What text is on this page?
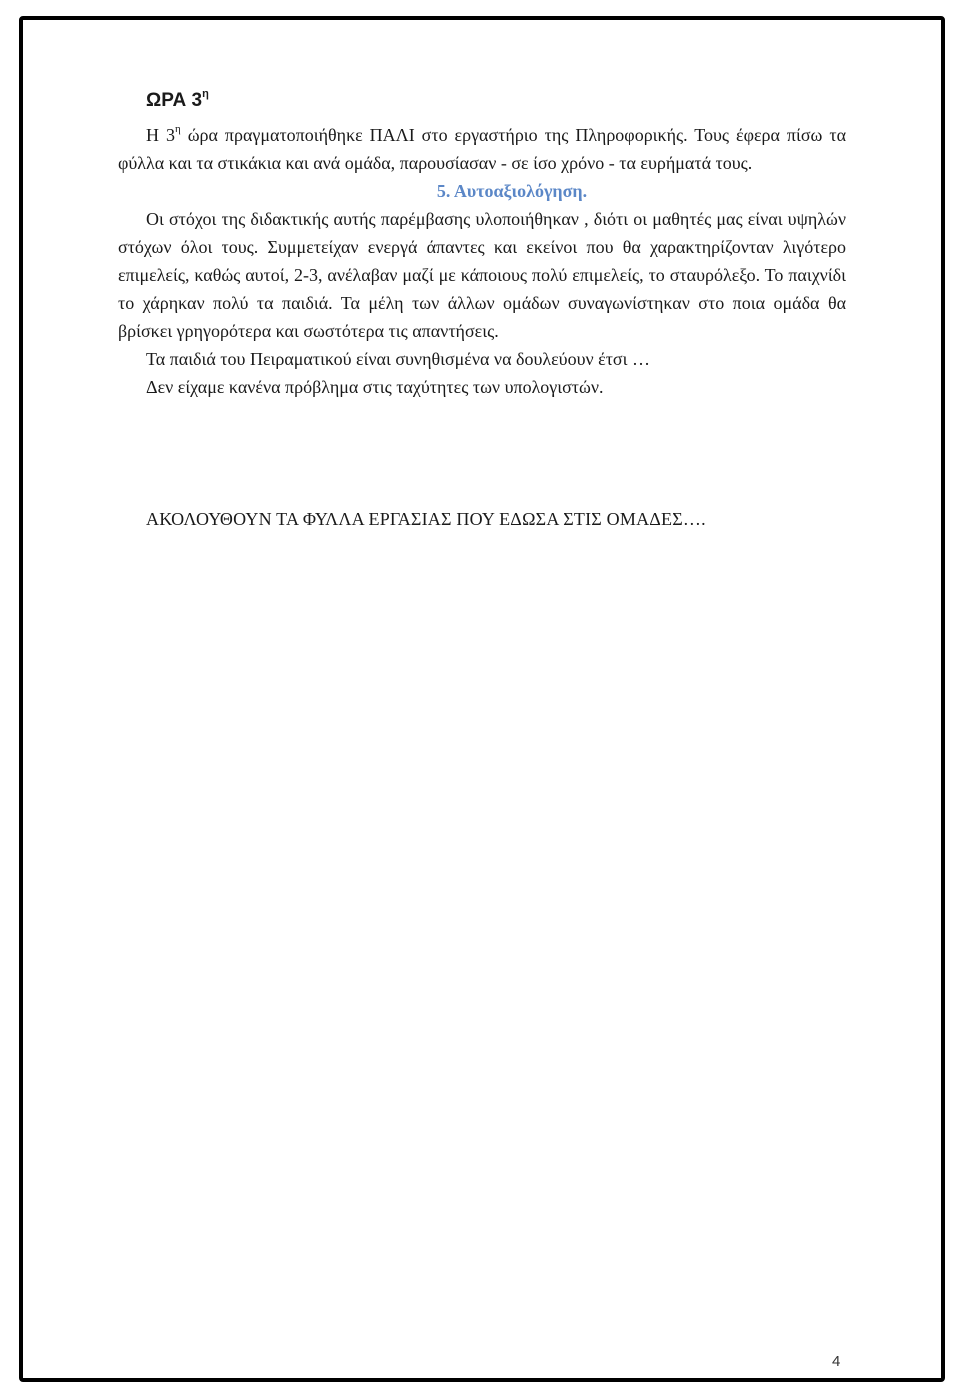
ΩΡΑ $3^\eta$

Η $3^\eta$ ώρα πραγματοποιήθηκε ΠΑΛΙ στο εργαστήριο της Πληροφορικής. Τους έφερα πίσω τα φύλλα και τα στικάκια και ανά ομάδα, παρουσίασαν - σε ίσο χρόνο - τα ευρήματά τους.

5. Αυτοαξιολόγηση.

Οι στόχοι της διδακτικής αυτής παρέμβασης υλοποιήθηκαν , διότι οι μαθητές μας είναι υψηλών στόχων όλοι τους. Συμμετείχαν ενεργά άπαντες και εκείνοι που θα χαρακτηρίζονταν λιγότερο επιμελείς, καθώς αυτοί, 2-3, ανέλαβαν μαζί με κάποιους πολύ επιμελείς, το σταυρόλεξο. Το παιχνίδι το χάρηκαν πολύ τα παιδιά. Τα μέλη των άλλων ομάδων συναγωνίστηκαν στο ποια ομάδα θα βρίσκει γρηγορότερα και σωστότερα τις απαντήσεις.

Τα παιδιά του Πειραματικού είναι συνηθισμένα να δουλεύουν έτσι …

Δεν είχαμε κανένα πρόβλημα στις ταχύτητες των υπολογιστών.

ΑΚΟΛΟΥΘΟΥΝ ΤΑ ΦΥΛΛΑ ΕΡΓΑΣΙΑΣ ΠΟΥ ΕΔΩΣΑ ΣΤΙΣ ΟΜΑΔΕΣ….
4
